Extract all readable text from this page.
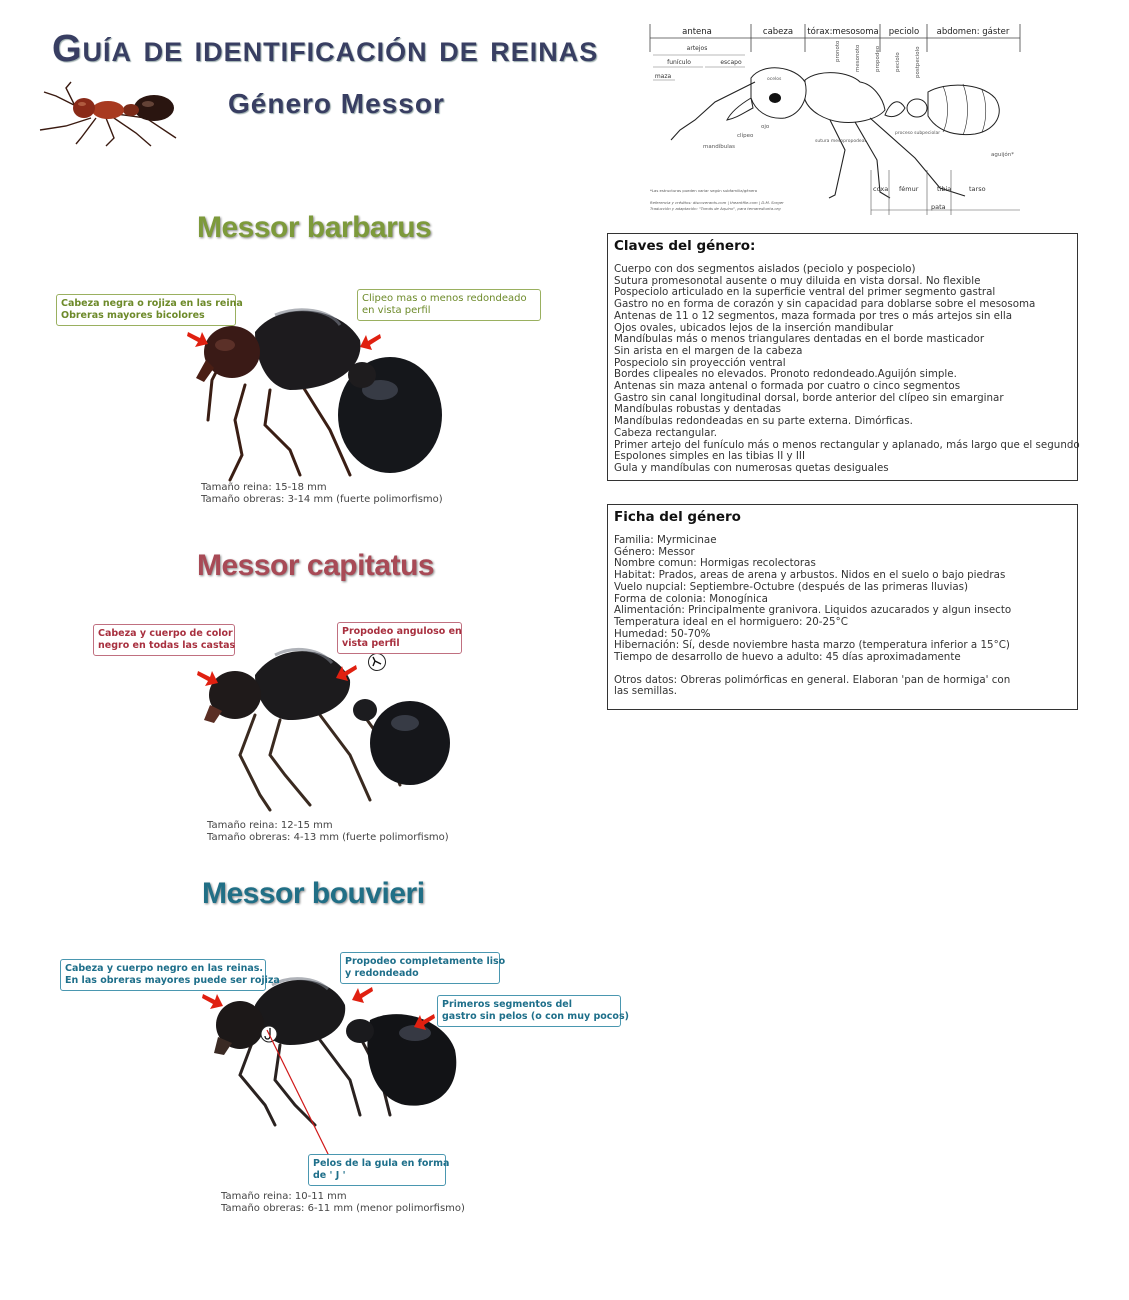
Guía de identificación de reinas
Género Messor
antena	cabeza tórax:mesosoma peciolo abdomen: gáster
artejos
funículo	escapo
maza
pronoto	mesonoto	propodeo	peciolo	postpeciolo
ocelos
ojo
clípeo
mandíbulas
sutura mesopropodeal
proceso subpeciolar
aguijón*
coxa fémur	tibia	tarso
pata
*Las estructuras pueden variar según subfamilia/género
Referencia y créditos: discoverants.com | theantfile.com | D.M. Sorger
Traducción y adaptación: "Tomás de Aquino", para temaredlunta.org
Messor barbarus
Cabeza negra o rojiza en las reina
Obreras mayores bicolores
Clipeo mas o menos redondeado
en vista perfil
Tamaño reina: 15-18 mm
Tamaño obreras: 3-14 mm (fuerte polimorfismo)
Messor capitatus
Cabeza y cuerpo de color
negro en todas las castas
Propodeo anguloso en
vista perfil
Tamaño reina: 12-15 mm
Tamaño obreras: 4-13 mm (fuerte polimorfismo)
Messor bouvieri
Cabeza y cuerpo negro en las reinas.
En las obreras mayores puede ser rojiza
Propodeo completamente liso
y redondeado
Primeros segmentos del
gastro sin pelos (o con muy pocos)
Pelos de la gula en forma
de ' J '
Tamaño reina: 10-11 mm
Tamaño obreras: 6-11 mm (menor polimorfismo)
Claves del género:
Cuerpo con dos segmentos aislados (peciolo y pospeciolo)
Sutura promesonotal ausente o muy diluida en vista dorsal. No flexible
Pospeciolo articulado en la superficie ventral del primer segmento gastral
Gastro no en forma de corazón y sin capacidad para doblarse sobre el mesosoma
Antenas de 11 o 12 segmentos, maza formada por tres o más artejos sin ella
Ojos ovales, ubicados lejos de la inserción mandibular
Mandíbulas más o menos triangulares dentadas en el borde masticador
Sin arista en el margen de la cabeza
Pospeciolo sin proyección ventral
Bordes clipeales no elevados. Pronoto redondeado.Aguijón simple.
Antenas sin maza antenal o formada por cuatro o cinco segmentos
Gastro sin canal longitudinal dorsal, borde anterior del clípeo sin emarginar
Mandíbulas robustas y dentadas
Mandíbulas redondeadas en su parte externa. Dimórficas.
Cabeza rectangular.
Primer artejo del funículo más o menos rectangular y aplanado, más largo que el segundo
Espolones simples en las tibias II y III
Gula y mandíbulas con numerosas quetas desiguales
Ficha del género
Familia: Myrmicinae
Género: Messor
Nombre comun: Hormigas recolectoras
Habitat: Prados, areas de arena y arbustos. Nidos en el suelo o bajo piedras
Vuelo nupcial: Septiembre-Octubre (después de las primeras lluvias)
Forma de colonia: Monogínica
Alimentación: Principalmente granivora. Liquidos azucarados y algun insecto
Temperatura ideal en el hormiguero: 20-25°C
Humedad: 50-70%
Hibernación: Sí, desde noviembre hasta marzo (temperatura inferior a 15°C)
Tiempo de desarrollo de huevo a adulto: 45 días aproximadamente
Otros datos: Obreras polimórficas en general. Elaboran 'pan de hormiga' con
las semillas.
